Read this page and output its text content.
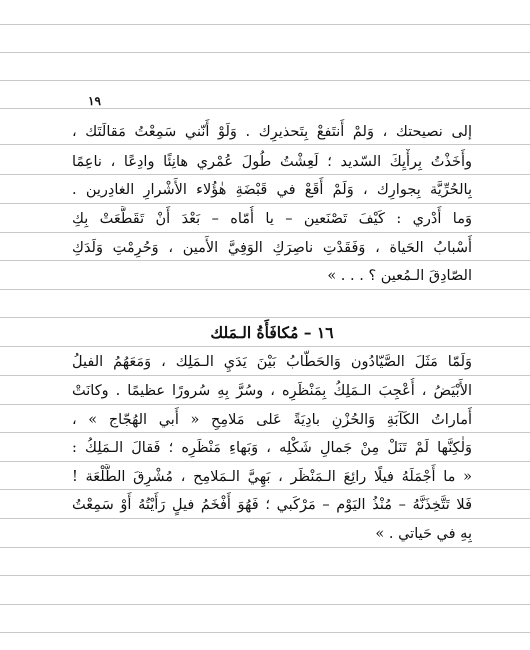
١٩
إلى نصيحتك ، وَلمْ أَنتَفعْ بِتَحذيرِك . وَلَوْ أَنّني سَمِعْتُ مَقالَتَك ،
وأَخَذْتُ بِرأْيِكَ السّديد ؛ لَعِشْتُ طُولَ عُمْري هانِئًا وادِعًا ، ناعِمًا
بِالحُرِّيَّة بِجوارِك ، وَلَمْ أَقَعْ في قَبْضَةِ هٰؤُلاء الأَشْرارِ الغادِرين .
وَما أَدْري : كَيْفَ تَصْنَعين – يا أُمّاه – بَعْدَ أَنْ تَقَطَّعَتْ بِكِ
أَسْبابُ الحَياة ، وَفَقَدْتِ ناصِرَكِ الوَفِيَّ الأَمين ، وَحُرِمْتِ وَلَدَكِ
الصّادِقَ الـمُعين ؟ . . . »
١٦ – مُكافَأَةُ الـمَلك
وَلَمّا مَثَلَ الصَّيّادُون وَالحَطّابُ بَيْنَ يَدَيِ الـمَلِك ، وَمَعَهُمُ الفيلُ
الأَبْيَضُ ، أُعْجِبَ الـمَلِكُ بِمَنْظَرِه ، وسُرَّ بِهِ سُرورًا عظيمًا . وكانَتْ
أَماراتُ الكَآبَةِ وَالحُزْنِ بادِيَةً عَلى مَلامِحِ « أَبي الهُجّاج » ،
وَلٰكِنَّها لَمْ تَنَلْ مِنْ جَمالِ شَكْلِه ، وَبَهاءِ مَنْظَرِه ؛ فَقالَ الـمَلِكُ :
« ما أَجْمَلَهُ فيلًا رائِعَ الـمَنْظَر ، بَهِيَّ الـمَلامِح ، مُشْرِقَ الطَّلْعَة !
فَلا تَتَّخِذَنَّهُ – مُنْذُ اليَوْم – مَرْكَبي ؛ فَهُوَ أَفْخَمُ فيلٍ رَأَيْتُهُ أَوْ سَمِعْتُ
بِهِ في حَياتي . »
